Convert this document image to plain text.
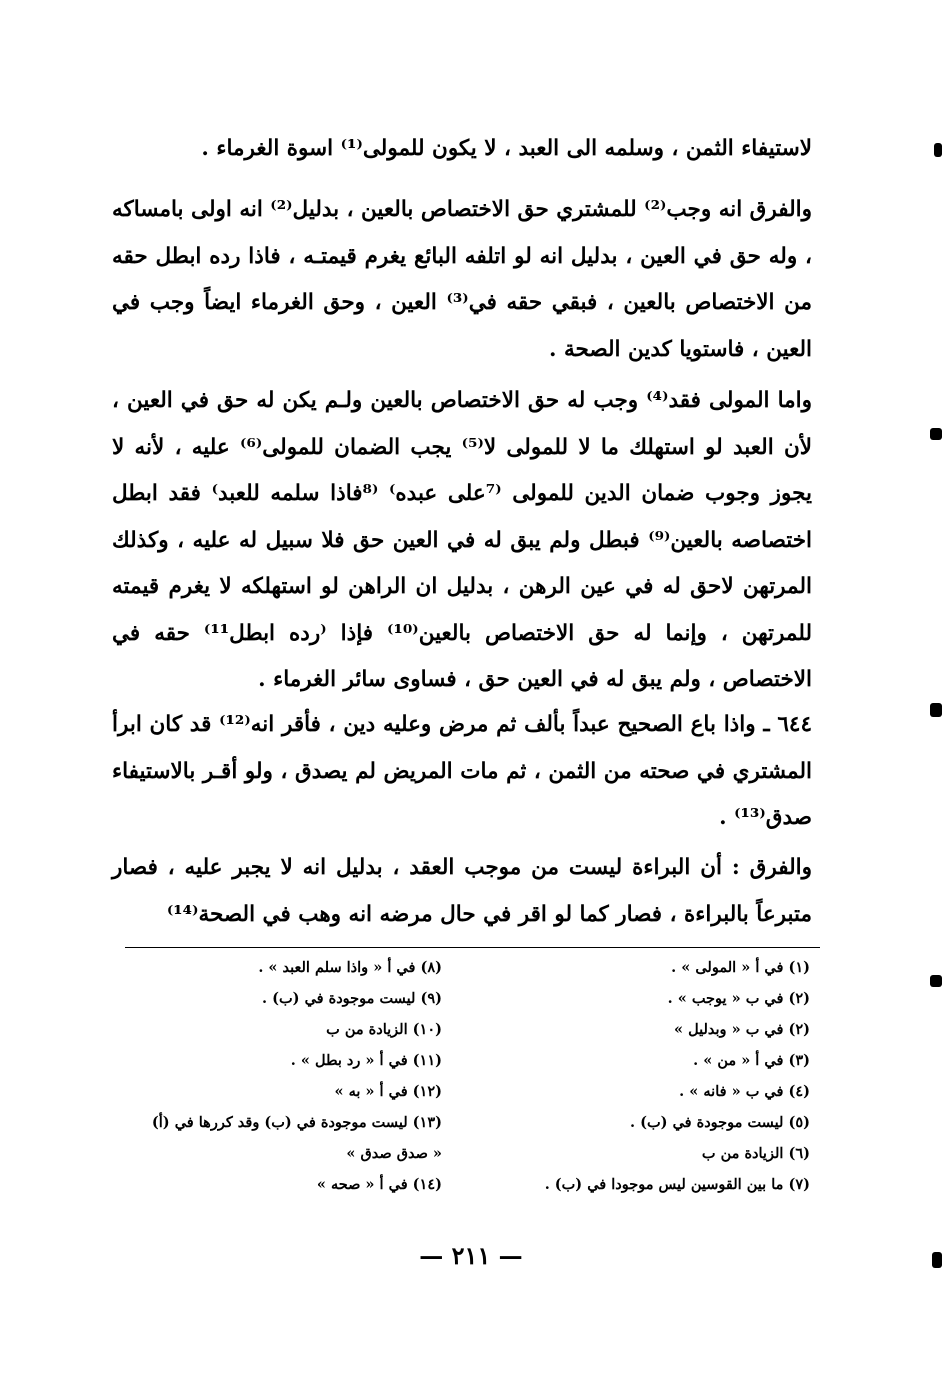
لاستيفاء الثمن ، وسلمه الى العبد ، لا يكون للمولى⁽¹⁾ اسوة الغرماء .

والفرق انه وجب⁽²⁾ للمشتري حق الاختصاص بالعين ، بدليل⁽²⁾ انه اولى بامساكه ، وله حق في العين ، بدليل انه لو اتلفه البائع يغرم قيمتـه ، فاذا رده ابطل حقه من الاختصاص بالعين ، فبقي حقه في⁽³⁾ العين ، وحق الغرماء ايضاً وجب في العين ، فاستويا كدين الصحة .

واما المولى فقد⁽⁴⁾ وجب له حق الاختصاص بالعين ولـم يكن له حق في العين ، لأن العبد لو استهلك ما لا للمولى لا⁽⁵⁾ يجب الضمان للمولى⁽⁶⁾ عليه ، لأنه لا يجوز وجوب ضمان الدين للمولى ⁽⁷على عبده⁾ ⁽⁸فاذا سلمه للعبد⁾ فقد ابطل اختصاصه بالعين⁽⁹⁾ فبطل ولم يبق له في العين حق فلا سبيل له عليه ، وكذلك المرتهن لاحق له في عين الرهن ، بدليل ان الراهن لو استهلكه لا يغرم قيمته للمرتهن ، وإنما له حق الاختصاص بالعين⁽¹⁰⁾ فإذا ⁽رده ابطل¹¹⁾ حقه في الاختصاص ، ولم يبق له في العين حق ، فساوى سائر الغرماء .

٦٤٤ ـ واذا باع الصحيح عبداً بألف ثم مرض وعليه دين ، فأقر انه⁽¹²⁾ قد كان ابرأ المشتري في صحته من الثمن ، ثم مات المريض لم يصدق ، ولو أقـر بالاستيفاء صدق⁽¹³⁾ .

والفرق : أن البراءة ليست من موجب العقد ، بدليل انه لا يجبر عليه ، فصار متبرعاً بالبراءة ، فصار كما لو اقر في حال مرضه انه وهب في الصحة⁽¹⁴⁾

(١) في أ « المولى » .
(٢) في ب « يوجب » .
(٢) في ب « وبدليل »
(٣) في أ « من » .
(٤) في ب « فانه » .
(٥) ليست موجودة في (ب) .
(٦) الزيادة من ب
(٧) ما بين القوسين ليس موجودا في (ب) .
(٨) في أ « واذا سلم العبد » .
(٩) ليست موجودة في (ب) .
(١٠) الزيادة من ب
(١١) في أ « رد بطل » .
(١٢) في أ « به »
(١٣) ليست موجودة في (ب) وقد كررها في (أ)
« صدق صدق »
(١٤) في أ « صحه »
— ٢١١ —
